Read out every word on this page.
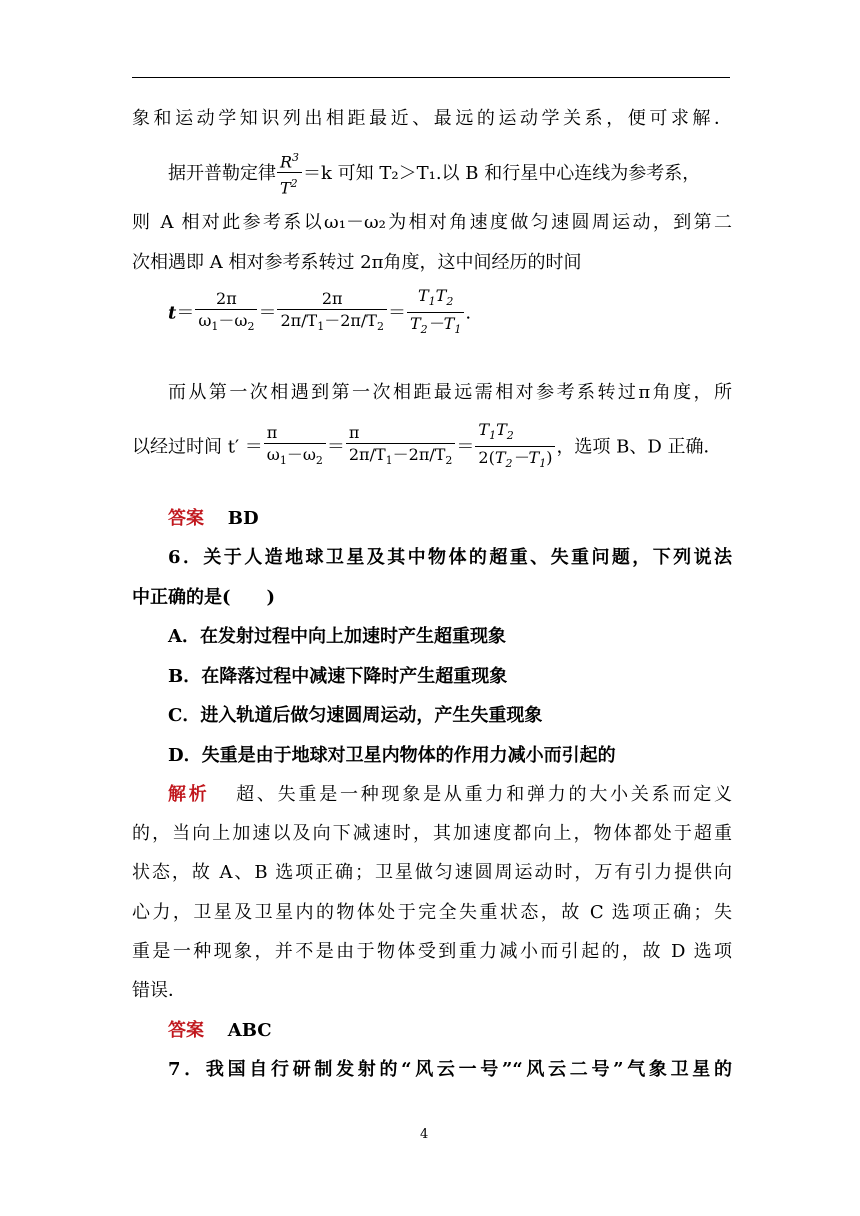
象和运动学知识列出相距最近、最远的运动学关系，便可求解．
据开普勒定律 $\frac{R^3}{T^2} =k$ 可知 T₂＞T₁.以 B 和行星中心连线为参考系，
则 A 相对此参考系以ω₁－ω₂为相对角速度做匀速圆周运动，到第二
次相遇即 A 相对参考系转过 2π角度，这中间经历的时间
$t= \frac{2\pi}{\omega_1-\omega_2} = \frac{2\pi}{2\pi/T_1-2\pi/T_2} = \frac{T_1T_2}{T_2-T_1}$ .
而从第一次相遇到第一次相距最远需相对参考系转过π角度，所
以经过时间 $t' = \frac{\pi}{\omega_1-\omega_2} = \frac{\pi}{2\pi/T_1-2\pi/T_2} = \frac{T_1T_2}{2(T_2-T_1)}$ ，选项 B、D 正确．
答案 BD
6．关于人造地球卫星及其中物体的超重、失重问题，下列说法
中正确的是(　　)
A．在发射过程中向上加速时产生超重现象
B．在降落过程中减速下降时产生超重现象
C．进入轨道后做匀速圆周运动，产生失重现象
D．失重是由于地球对卫星内物体的作用力减小而引起的
解析 超、失重是一种现象是从重力和弹力的大小关系而定义
的，当向上加速以及向下减速时，其加速度都向上，物体都处于超重
状态，故 A、B 选项正确；卫星做匀速圆周运动时，万有引力提供向
心力，卫星及卫星内的物体处于完全失重状态，故 C 选项正确；失
重是一种现象，并不是由于物体受到重力减小而引起的，故 D 选项
错误．
答案 ABC
7．我国自行研制发射的“风云一号”“风云二号”气象卫星的
4
